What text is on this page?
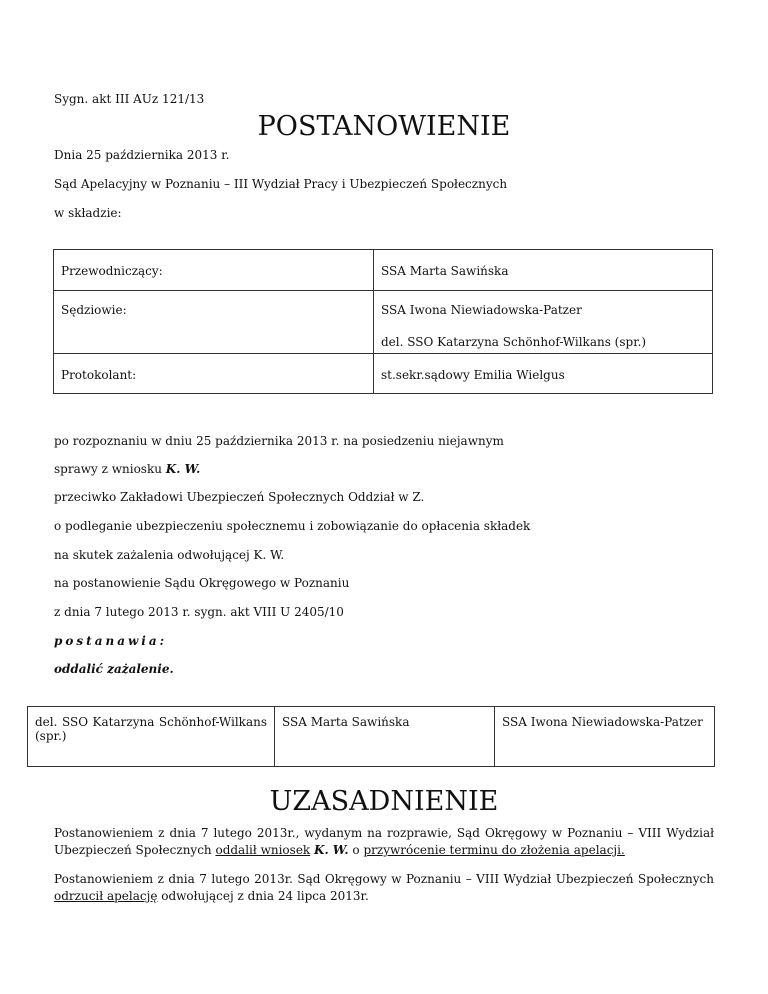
Sygn. akt III AUz 121/13
POSTANOWIENIE
Dnia 25 października 2013 r.
Sąd Apelacyjny w Poznaniu – III Wydział Pracy i Ubezpieczeń Społecznych
w składzie:
Przewodniczący:	SSA Marta Sawińska
Sędziowie:	SSA Iwona Niewiadowska-Patzer
del. SSO Katarzyna Schönhof-Wilkans (spr.)

Protokolant:	st.sekr.sądowy Emilia Wielgus
po rozpoznaniu w dniu 25 października 2013 r. na posiedzeniu niejawnym
sprawy z wniosku K. W.
przeciwko Zakładowi Ubezpieczeń Społecznych Oddział w Z.
o podleganie ubezpieczeniu społecznemu i zobowiązanie do opłacenia składek
na skutek zażalenia odwołującej K. W.
na postanowienie Sądu Okręgowego w Poznaniu
z dnia 7 lutego 2013 r. sygn. akt VIII U 2405/10
postanawia:
oddalić zażalenie.
del. SSO Katarzyna Schönhof-Wilkans (spr.)	SSA Marta Sawińska	SSA Iwona Niewiadowska-Patzer
UZASADNIENIE
Postanowieniem z dnia 7 lutego 2013r., wydanym na rozprawie, Sąd Okręgowy w Poznaniu – VIII Wydział Ubezpieczeń Społecznych oddalił wniosek K. W. o przywrócenie terminu do złożenia apelacji.
Postanowieniem z dnia 7 lutego 2013r. Sąd Okręgowy w Poznaniu – VIII Wydział Ubezpieczeń Społecznych odrzucił apelację odwołującej z dnia 24 lipca 2013r.
